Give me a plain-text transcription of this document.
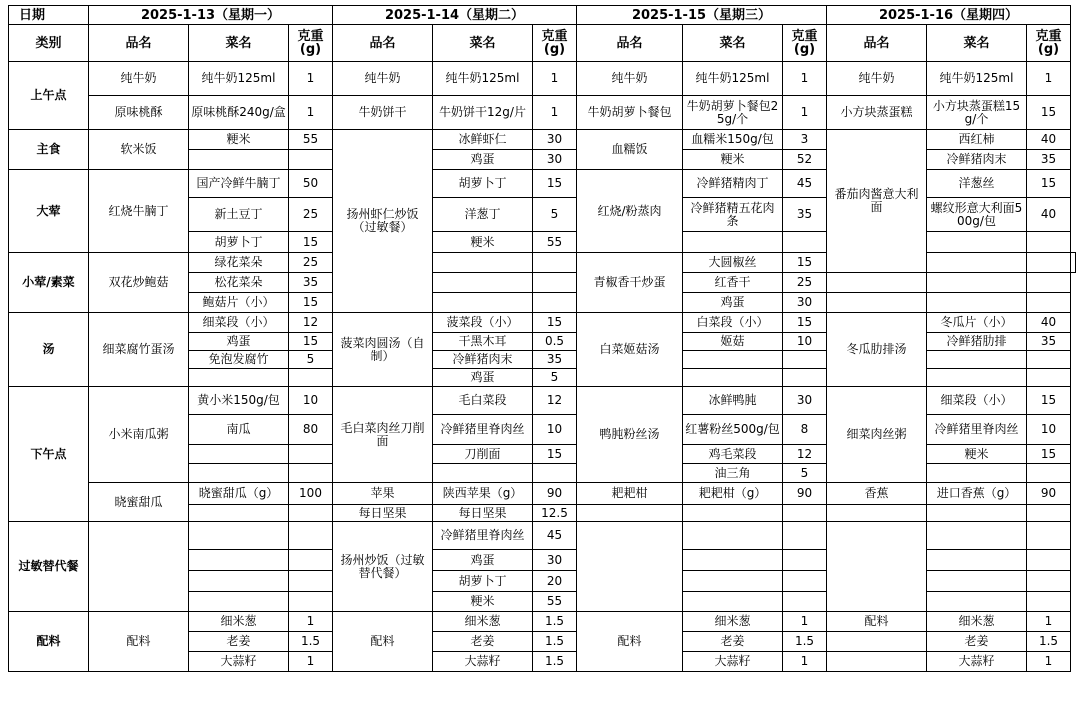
日期	2025-1-13（星期一）			2025-1-14（星期二）			2025-1-15（星期三）			2025-1-16（星期四）			
类别	品名	菜名	克重(g)	品名	菜名	克重(g)	品名	菜名	克重(g)	品名	菜名	克重(g)	
上午点	纯牛奶	纯牛奶125ml	1	纯牛奶	纯牛奶125ml	1	纯牛奶	纯牛奶125ml	1	纯牛奶	纯牛奶125ml	1	
	原味桃酥	原味桃酥240g/盒	1	牛奶饼干	牛奶饼干12g/片	1	牛奶胡萝卜餐包	牛奶胡萝卜餐包25g/个	1	小方块蒸蛋糕	小方块蒸蛋糕15g/个	15	
主食	软米饭	粳米	55	扬州虾仁炒饭（过敏餐）	冰鲜虾仁	30	血糯饭	血糯米150g/包	3	番茄肉酱意大利面	西红柿	40	
					鸡蛋	30		粳米	52		冷鲜猪肉末	35	
大荤	红烧牛腩丁	国产冷鲜牛腩丁	50		胡萝卜丁	15	红烧/粉蒸肉	冷鲜猪精肉丁	45		洋葱丝	15	
		新土豆丁	25		洋葱丁	5		冷鲜猪精五花肉条	35		螺纹形意大利面500g/包	40	
		胡萝卜丁	15		粳米	55							
小荤/素菜	双花炒鲍菇	绿花菜朵	25				青椒香干炒蛋	大圆椒丝	15				
		松花菜朵	35					红香干	25				
		鲍菇片（小）	15					鸡蛋	30				
汤	细菜腐竹蛋汤	细菜段（小）	12	菠菜肉圆汤（自制）	菠菜段（小）	15	白菜姬菇汤	白菜段（小）	15	冬瓜肋排汤	冬瓜片（小）	40	
		鸡蛋	15		干黑木耳	0.5		姬菇	10		冷鲜猪肋排	35	
		免泡发腐竹	5		冷鲜猪肉末	35							
					鸡蛋	5							
下午点	小米南瓜粥	黄小米150g/包	10	毛白菜肉丝刀削面	毛白菜段	12	鸭肫粉丝汤	冰鲜鸭肫	30	细菜肉丝粥	细菜段（小）	15	
		南瓜	80		冷鲜猪里脊肉丝	10		红薯粉丝500g/包	8		冷鲜猪里脊肉丝	10	
					刀削面	15		鸡毛菜段	12		粳米	15	
								油三角	5				
	晓蜜甜瓜	晓蜜甜瓜（g）	100	苹果	陕西苹果（g）	90	耙耙柑	耙耙柑（g）	90	香蕉	进口香蕉（g）	90	
				每日坚果	每日坚果	12.5							
过敏替代餐				扬州炒饭（过敏替代餐）	冷鲜猪里脊肉丝	45							
					鸡蛋	30							
					胡萝卜丁	20							
					粳米	55							
配料	配料	细米葱	1	配料	细米葱	1.5	配料	细米葱	1	配料	细米葱	1	
		老姜	1.5		老姜	1.5		老姜	1.5		老姜	1.5	
		大蒜籽	1		大蒜籽	1.5		大蒜籽	1		大蒜籽	1	
